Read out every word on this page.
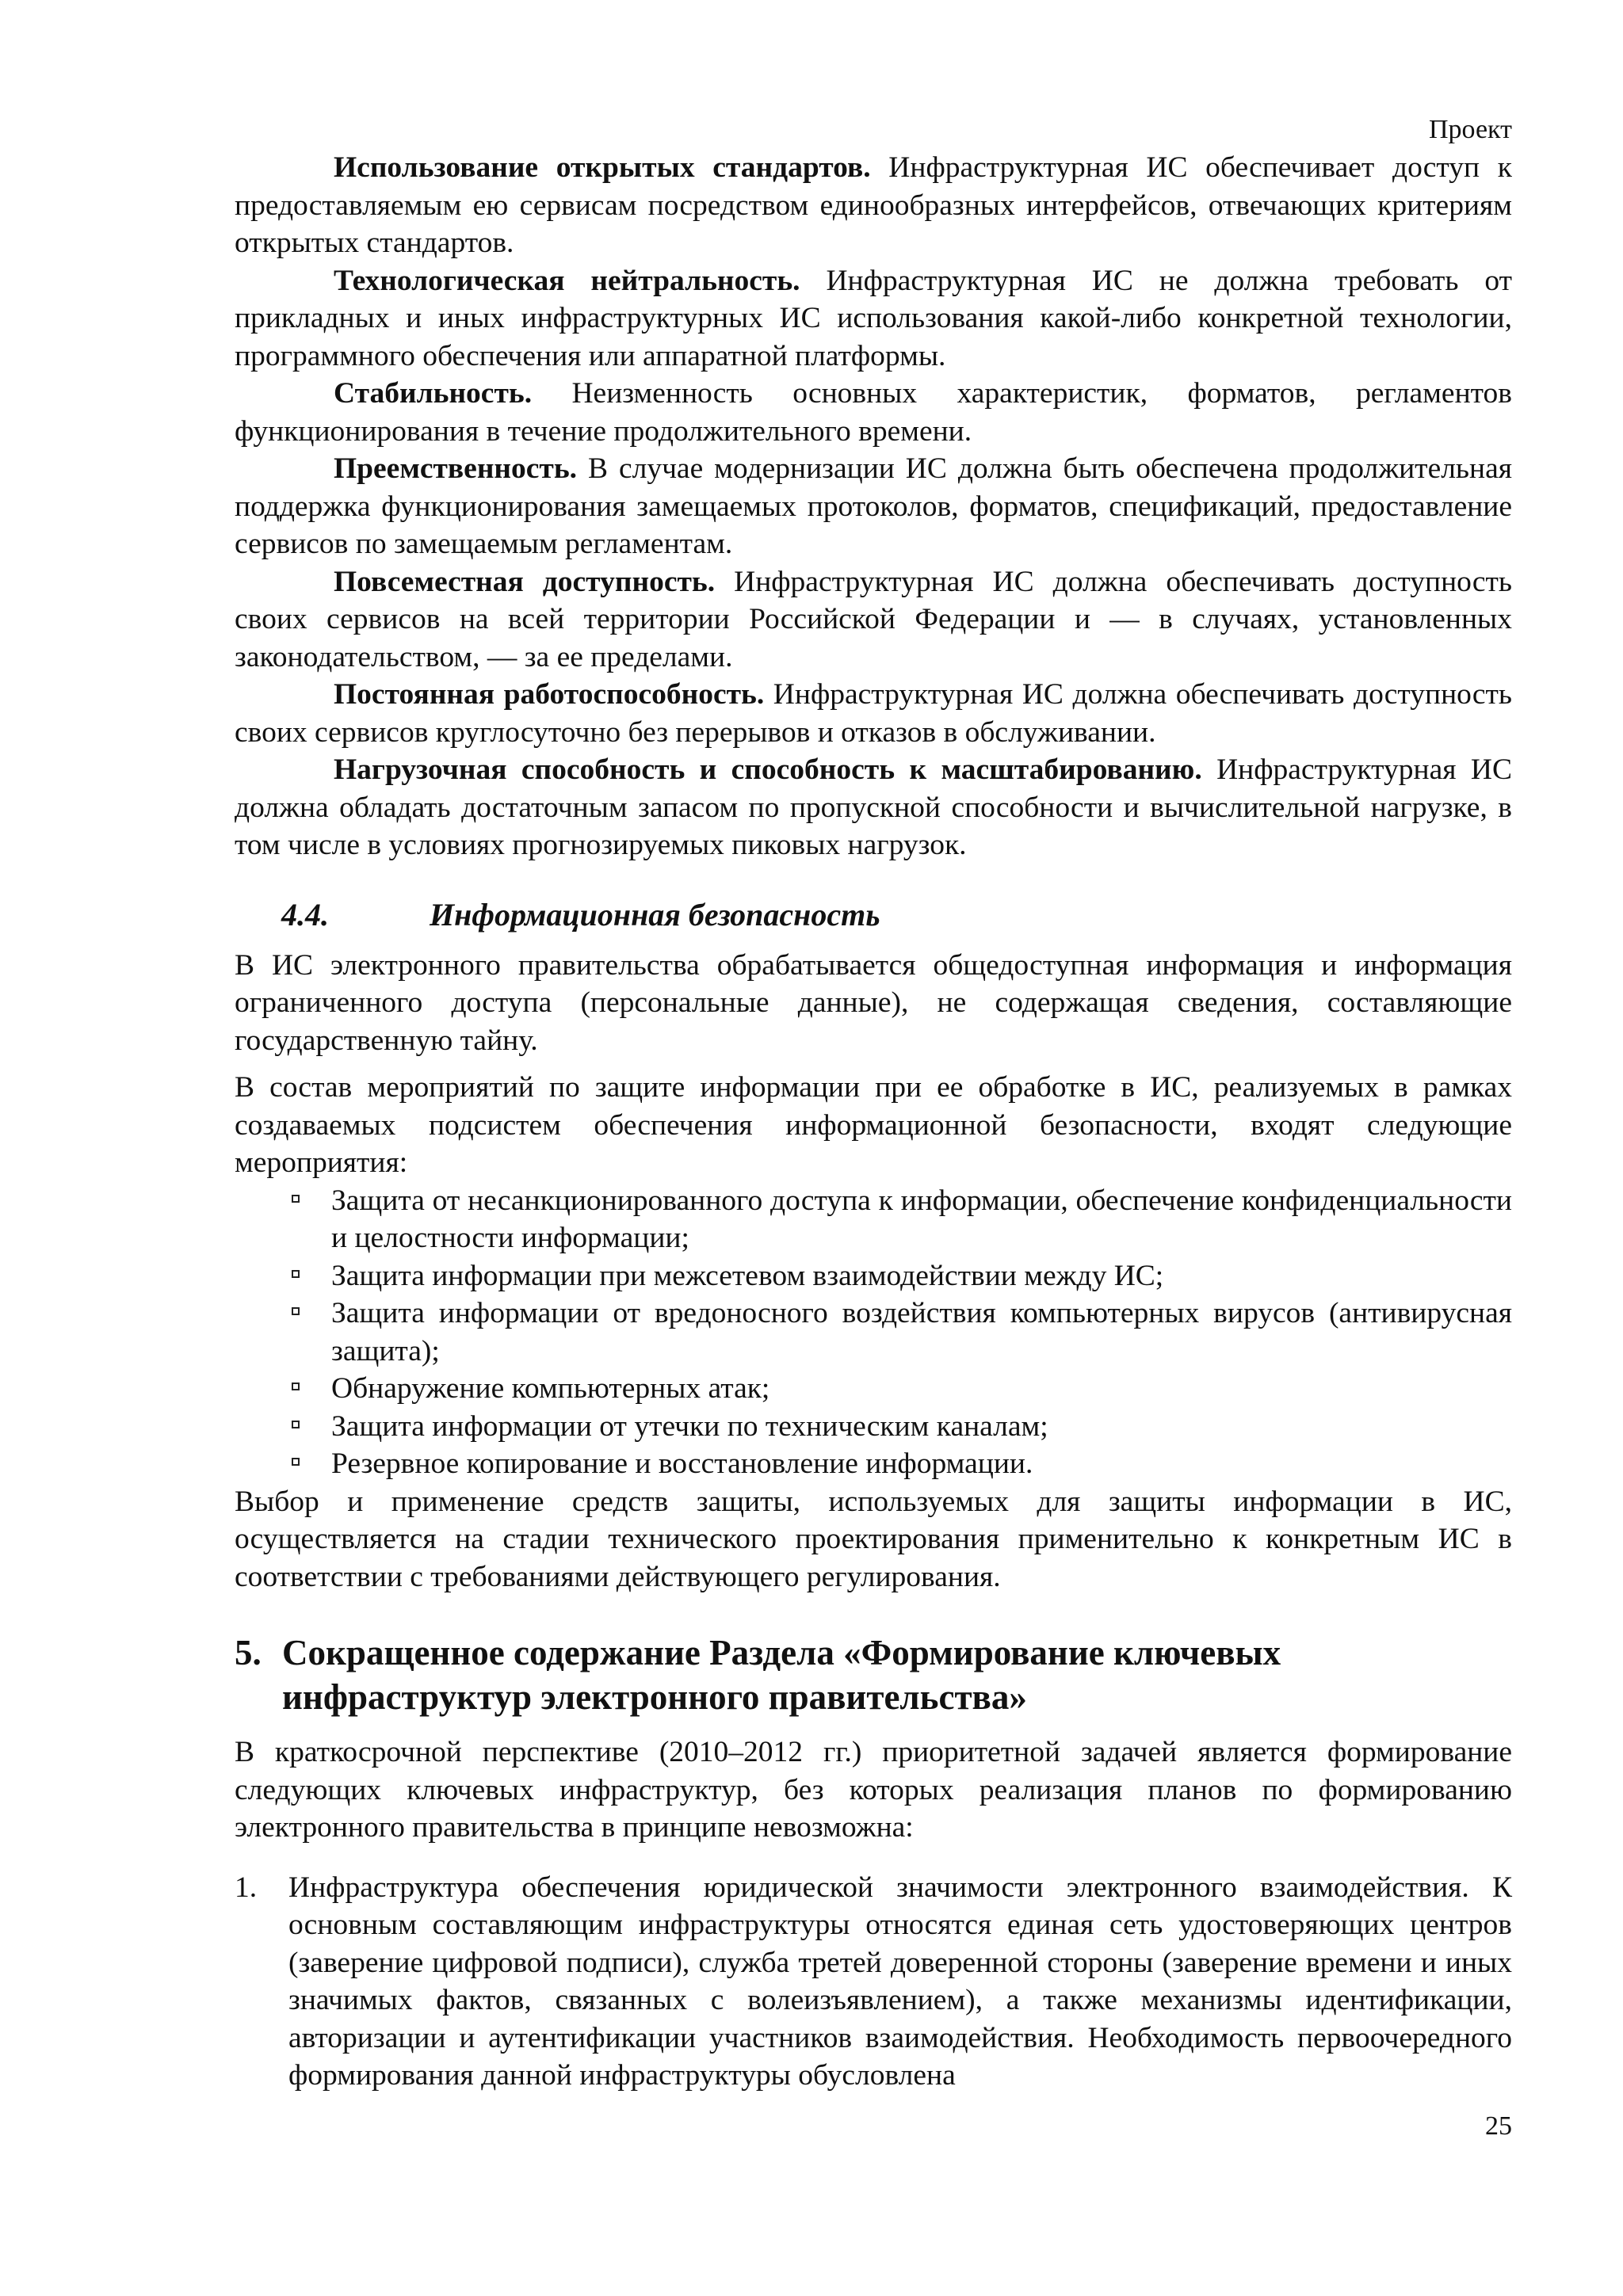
Проект

Использование открытых стандартов. Инфраструктурная ИС обеспечивает доступ к предоставляемым ею сервисам посредством единообразных интерфейсов, отвечающих критериям открытых стандартов.

Технологическая нейтральность. Инфраструктурная ИС не должна требовать от прикладных и иных инфраструктурных ИС использования какой-либо конкретной технологии, программного обеспечения или аппаратной платформы.

Стабильность. Неизменность основных характеристик, форматов, регламентов функционирования в течение продолжительного времени.

Преемственность. В случае модернизации ИС должна быть обеспечена продолжительная поддержка функционирования замещаемых протоколов, форматов, спецификаций, предоставление сервисов по замещаемым регламентам.

Повсеместная доступность. Инфраструктурная ИС должна обеспечивать доступность своих сервисов на всей территории Российской Федерации и — в случаях, установленных законодательством, — за ее пределами.

Постоянная работоспособность. Инфраструктурная ИС должна обеспечивать доступность своих сервисов круглосуточно без перерывов и отказов в обслуживании.

Нагрузочная способность и способность к масштабированию. Инфраструктурная ИС должна обладать достаточным запасом по пропускной способности и вычислительной нагрузке, в том числе в условиях прогнозируемых пиковых нагрузок.

4.4.	Информационная безопасность

В ИС электронного правительства обрабатывается общедоступная информация и информация ограниченного доступа (персональные данные), не содержащая сведения, составляющие государственную тайну.

В состав мероприятий по защите информации при ее обработке в ИС, реализуемых в рамках создаваемых подсистем обеспечения информационной безопасности, входят следующие мероприятия:

Защита от несанкционированного доступа к информации, обеспечение конфиденциальности и целостности информации;
Защита информации при межсетевом взаимодействии между ИС;
Защита информации от вредоносного воздействия компьютерных вирусов (антивирусная защита);
Обнаружение компьютерных атак;
Защита информации от утечки по техническим каналам;
Резервное копирование и восстановление информации.

Выбор и применение средств защиты, используемых для защиты информации в ИС, осуществляется на стадии технического проектирования применительно к конкретным ИС в соответствии с требованиями действующего регулирования.

5. Сокращенное содержание Раздела «Формирование ключевых инфраструктур электронного правительства»

В краткосрочной перспективе (2010–2012 гг.) приоритетной задачей является формирование следующих ключевых инфраструктур, без которых реализация планов по формированию электронного правительства в принципе невозможна:

1. Инфраструктура обеспечения юридической значимости электронного взаимодействия. К основным составляющим инфраструктуры относятся единая сеть удостоверяющих центров (заверение цифровой подписи), служба третей доверенной стороны (заверение времени и иных значимых фактов, связанных с волеизъявлением), а также механизмы идентификации, авторизации и аутентификации участников взаимодействия. Необходимость первоочередного формирования данной инфраструктуры обусловлена
25
